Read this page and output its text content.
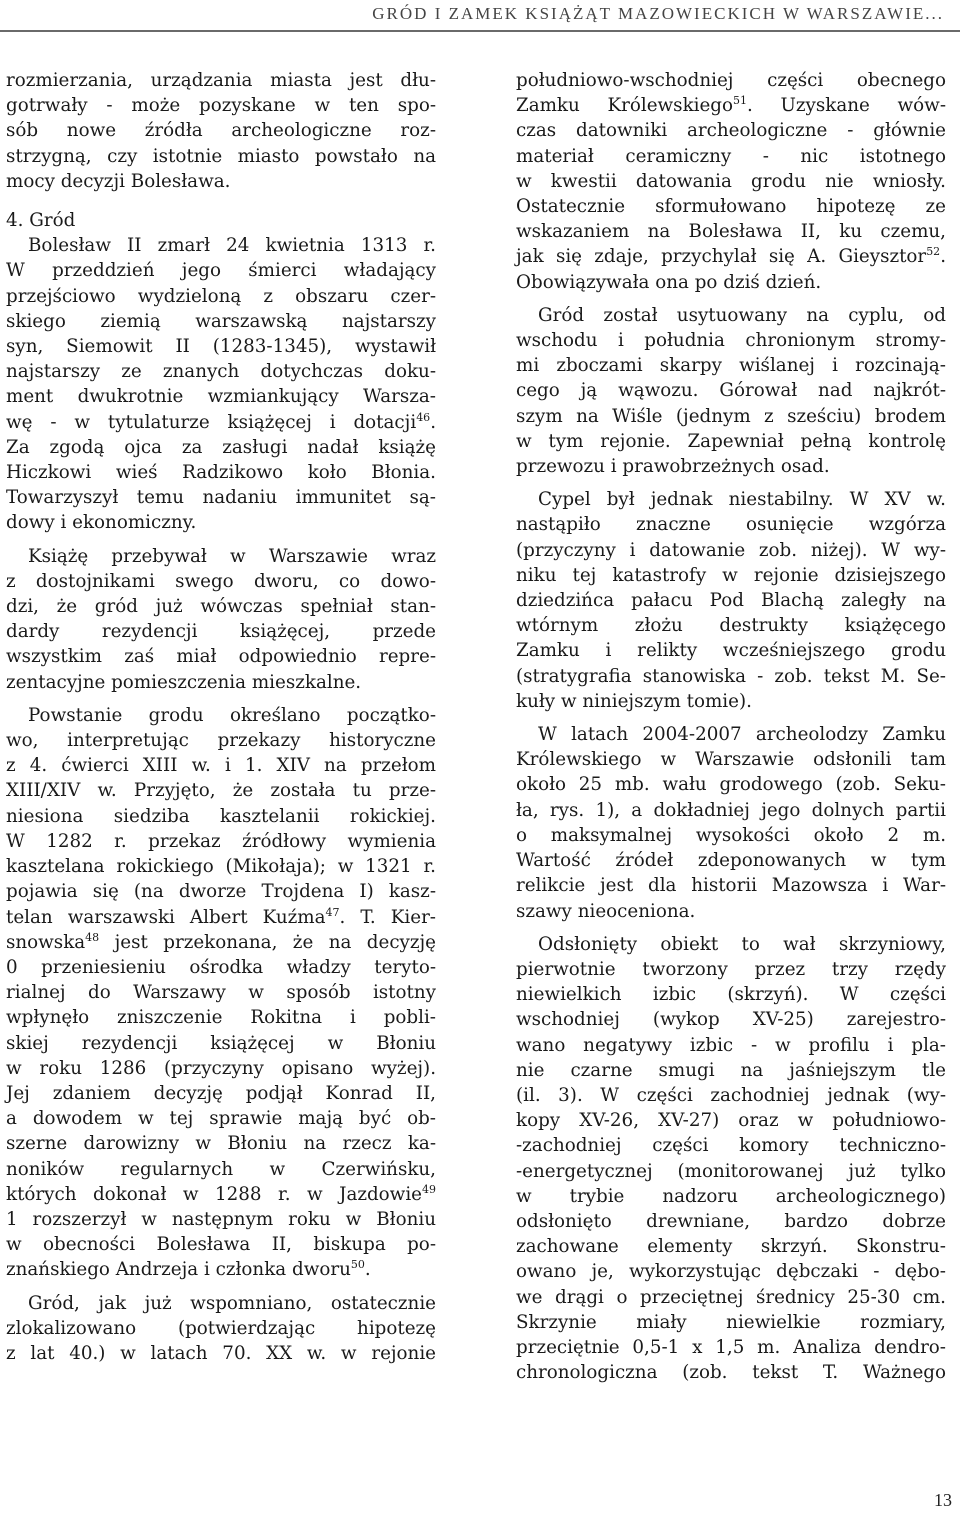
GRÓD I ZAMEK KSIĄŻĄT MAZOWIECKICH W WARSZAWIE...
rozmierzania, urządzania miasta jest dłu-
gotrwały - może pozyskane w ten spo-
sób nowe źródła archeologiczne roz-
strzygną, czy istotnie miasto powstało na
mocy decyzji Bolesława.
4. Gród
Bolesław II zmarł 24 kwietnia 1313 r.
W przeddzień jego śmierci władający
przejściowo wydzieloną z obszaru czer-
skiego ziemią warszawską najstarszy
syn, Siemowit II (1283-1345), wystawił
najstarszy ze znanych dotychczas doku-
ment dwukrotnie wzmiankujący Warsza-
wę - w tytulaturze książęcej i dotacji$^{46}$.
Za zgodą ojca za zasługi nadał książę
Hiczkowi wieś Radzikowo koło Błonia.
Towarzyszył temu nadaniu immunitet są-
dowy i ekonomiczny.
Książę przebywał w Warszawie wraz
z dostojnikami swego dworu, co dowo-
dzi, że gród już wówczas spełniał stan-
dardy rezydencji książęcej, przede
wszystkim zaś miał odpowiednio repre-
zentacyjne pomieszczenia mieszkalne.
Powstanie grodu określano początko-
wo, interpretując przekazy historyczne
z 4. ćwierci XIII w. i 1. XIV na przełom
XIII/XIV w. Przyjęto, że została tu prze-
niesiona siedziba kasztelanii rokickiej.
W 1282 r. przekaz źródłowy wymienia
kasztelana rokickiego (Mikołaja); w 1321 r.
pojawia się (na dworze Trojdena I) kasz-
telan warszawski Albert Kuźma$^{47}$. T. Kier-
snowska$^{48}$ jest przekonana, że na decyzję
0 przeniesieniu ośrodka władzy teryto-
rialnej do Warszawy w sposób istotny
wpłynęło zniszczenie Rokitna i pobli-
skiej rezydencji książęcej w Błoniu
w roku 1286 (przyczyny opisano wyżej).
Jej zdaniem decyzję podjął Konrad II,
a dowodem w tej sprawie mają być ob-
szerne darowizny w Błoniu na rzecz ka-
noników regularnych w Czerwińsku,
których dokonał w 1288 r. w Jazdowie$^{49}$
1 rozszerzył w następnym roku w Błoniu
w obecności Bolesława II, biskupa po-
znańskiego Andrzeja i członka dworu$^{50}$.
Gród, jak już wspomniano, ostatecznie
zlokalizowano (potwierdzając hipotezę
z lat 40.) w latach 70. XX w. w rejonie
południowo-wschodniej części obecnego
Zamku Królewskiego$^{51}$. Uzyskane wów-
czas datowniki archeologiczne - głównie
materiał ceramiczny - nic istotnego
w kwestii datowania grodu nie wniosły.
Ostatecznie sformułowano hipotezę ze
wskazaniem na Bolesława II, ku czemu,
jak się zdaje, przychylał się A. Gieysztor$^{52}$.
Obowiązywała ona po dziś dzień.
Gród został usytuowany na cyplu, od
wschodu i południa chronionym stromy-
mi zboczami skarpy wiślanej i rozcinają-
cego ją wąwozu. Górował nad najkrót-
szym na Wiśle (jednym z sześciu) brodem
w tym rejonie. Zapewniał pełną kontrolę
przewozu i prawobrzeżnych osad.
Cypel był jednak niestabilny. W XV w.
nastąpiło znaczne osunięcie wzgórza
(przyczyny i datowanie zob. niżej). W wy-
niku tej katastrofy w rejonie dzisiejszego
dziedzińca pałacu Pod Blachą zaległy na
wtórnym złożu destrukty książęcego
Zamku i relikty wcześniejszego grodu
(stratygrafia stanowiska - zob. tekst M. Se-
kuły w niniejszym tomie).
W latach 2004-2007 archeolodzy Zamku
Królewskiego w Warszawie odsłonili tam
około 25 mb. wału grodowego (zob. Seku-
ła, rys. 1), a dokładniej jego dolnych partii
o maksymalnej wysokości około 2 m.
Wartość źródeł zdeponowanych w tym
relikcie jest dla historii Mazowsza i War-
szawy nieoceniona.
Odsłonięty obiekt to wał skrzyniowy,
pierwotnie tworzony przez trzy rzędy
niewielkich izbic (skrzyń). W części
wschodniej (wykop XV-25) zarejestro-
wano negatywy izbic - w profilu i pla-
nie czarne smugi na jaśniejszym tle
(il. 3). W części zachodniej jednak (wy-
kopy XV-26, XV-27) oraz w południowo-
-zachodniej części komory techniczno-
-energetycznej (monitorowanej już tylko
w trybie nadzoru archeologicznego)
odsłonięto drewniane, bardzo dobrze
zachowane elementy skrzyń. Skonstru-
owano je, wykorzystując dębczaki - dębo-
we drągi o przeciętnej średnicy 25-30 cm.
Skrzynie miały niewielkie rozmiary,
przeciętnie 0,5-1 x 1,5 m. Analiza dendro-
chronologiczna (zob. tekst T. Ważnego
13
